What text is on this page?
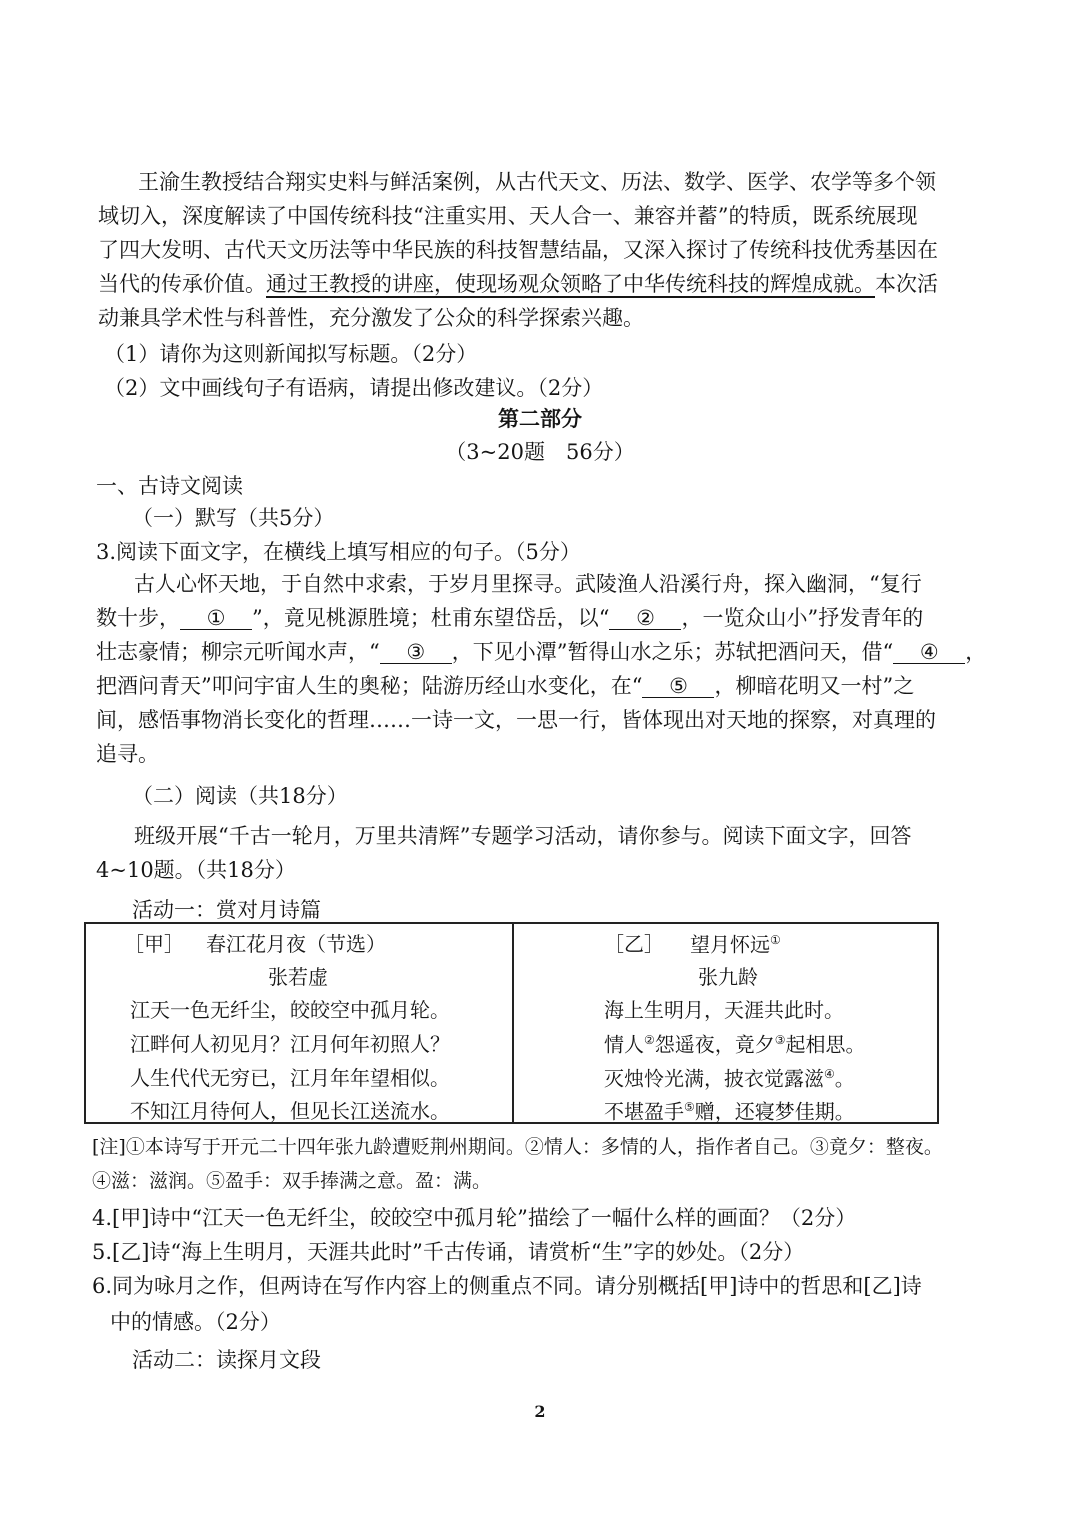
王渝生教授结合翔实史料与鲜活案例，从古代天文、历法、数学、医学、农学等多个领
域切入，深度解读了中国传统科技“注重实用、天人合一、兼容并蓄”的特质，既系统展现
了四大发明、古代天文历法等中华民族的科技智慧结晶，又深入探讨了传统科技优秀基因在
当代的传承价值。通过王教授的讲座，使现场观众领略了中华传统科技的辉煌成就。本次活
动兼具学术性与科普性，充分激发了公众的科学探索兴趣。
（1）请你为这则新闻拟写标题。（2分）
（2）文中画线句子有语病，请提出修改建议。（2分）
第二部分
（3~20题　56分）
一、古诗文阅读
（一）默写（共5分）
3.阅读下面文字，在横线上填写相应的句子。（5分）
古人心怀天地，于自然中求索，于岁月里探寻。武陵渔人沿溪行舟，探入幽洞，“复行
数十步， ① ”，竟见桃源胜境；杜甫东望岱岳，以“ ② ，一览众山小”抒发青年的
壮志豪情；柳宗元听闻水声，“ ③ ，下见小潭”暂得山水之乐；苏轼把酒问天，借“ ④ ，
把酒问青天”叩问宇宙人生的奥秘；陆游历经山水变化，在“ ⑤ ，柳暗花明又一村”之
间，感悟事物消长变化的哲理……一诗一文，一思一行，皆体现出对天地的探察，对真理的
追寻。
（二）阅读（共18分）
班级开展“千古一轮月，万里共清辉”专题学习活动，请你参与。阅读下面文字，回答
4~10题。（共18分）
活动一：赏对月诗篇
［甲］ 春江花月夜（节选）
张若虚
江天一色无纤尘，皎皎空中孤月轮。
江畔何人初见月？江月何年初照人？
人生代代无穷已，江月年年望相似。
不知江月待何人，但见长江送流水。
［乙］ 望月怀远①
张九龄
海上生明月，天涯共此时。
情人②怨遥夜，竟夕③起相思。
灭烛怜光满，披衣觉露滋④。
不堪盈手⑤赠，还寝梦佳期。
[注]①本诗写于开元二十四年张九龄遭贬荆州期间。②情人：多情的人，指作者自己。③竟夕：整夜。
④滋：滋润。⑤盈手：双手捧满之意。盈：满。
4.[甲]诗中“江天一色无纤尘，皎皎空中孤月轮”描绘了一幅什么样的画面？（2分）
5.[乙]诗“海上生明月，天涯共此时”千古传诵，请赏析“生”字的妙处。（2分）
6.同为咏月之作，但两诗在写作内容上的侧重点不同。请分别概括[甲]诗中的哲思和[乙]诗
中的情感。（2分）
活动二：读探月文段
2
